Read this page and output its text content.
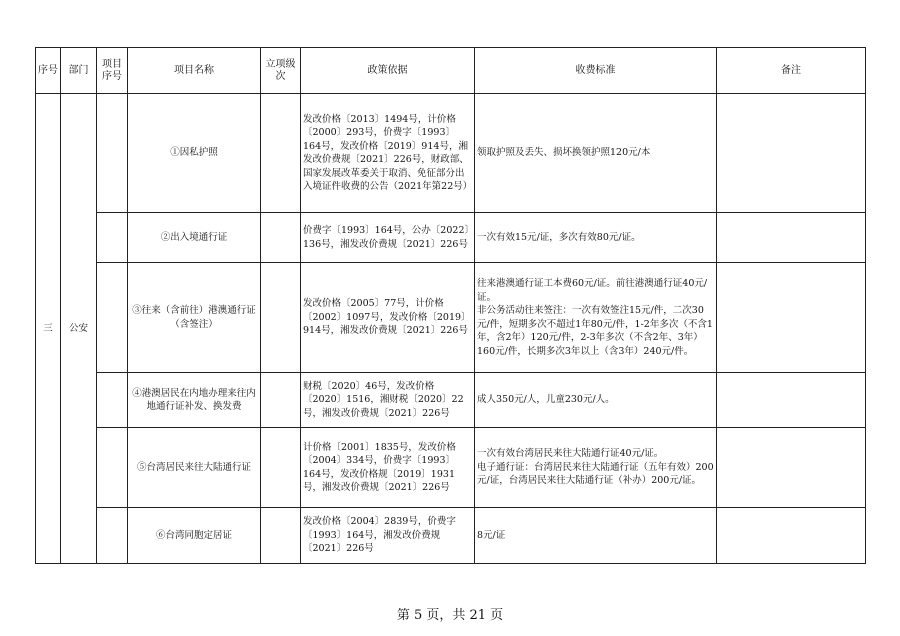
序号	部门	项目序号	项目名称	立项级次	政策依据	收费标准	备注
三	公安		①因私护照		发改价格〔2013〕1494号，计价格〔2000〕293号，价费字〔1993〕164号，发改价格〔2019〕914号，湘发改价费规〔2021〕226号，财政部、国家发展改革委关于取消、免征部分出入境证件收费的公告（2021年第22号）	领取护照及丢失、损坏换领护照120元/本	
			②出入境通行证		价费字〔1993〕164号，公办〔2022〕136号，湘发改价费规〔2021〕226号	一次有效15元/证，多次有效80元/证。	
			③往来（含前往）港澳通行证（含签注）		发改价格〔2005〕77号，计价格〔2002〕1097号，发改价格〔2019〕914号，湘发改价费规〔2021〕226号	往来港澳通行证工本费60元/证。前往港澳通行证40元/证。
非公务活动往来签注：一次有效签注15元/件，二次30元/件，短期多次不超过1年80元/件，1-2年多次（不含1年，含2年）120元/件，2-3年多次（不含2年、3年）160元/件，长期多次3年以上（含3年）240元/件。	
			④港澳居民在内地办理来往内地通行证补发、换发费		财税〔2020〕46号，发改价格〔2020〕1516，湘财税〔2020〕22号，湘发改价费规〔2021〕226号	成人350元/人，儿童230元/人。	
			⑤台湾居民来往大陆通行证		计价格〔2001〕1835号，发改价格〔2004〕334号，价费字〔1993〕164号，发改价格规〔2019〕1931号，湘发改价费规〔2021〕226号	一次有效台湾居民来往大陆通行证40元/证。
电子通行证：台湾居民来往大陆通行证（五年有效）200元/证，台湾居民来往大陆通行证（补办）200元/证。	
			⑥台湾同胞定居证		发改价格〔2004〕2839号，价费字〔1993〕164号，湘发改价费规〔2021〕226号	8元/证	
第 5 页，共 21 页
